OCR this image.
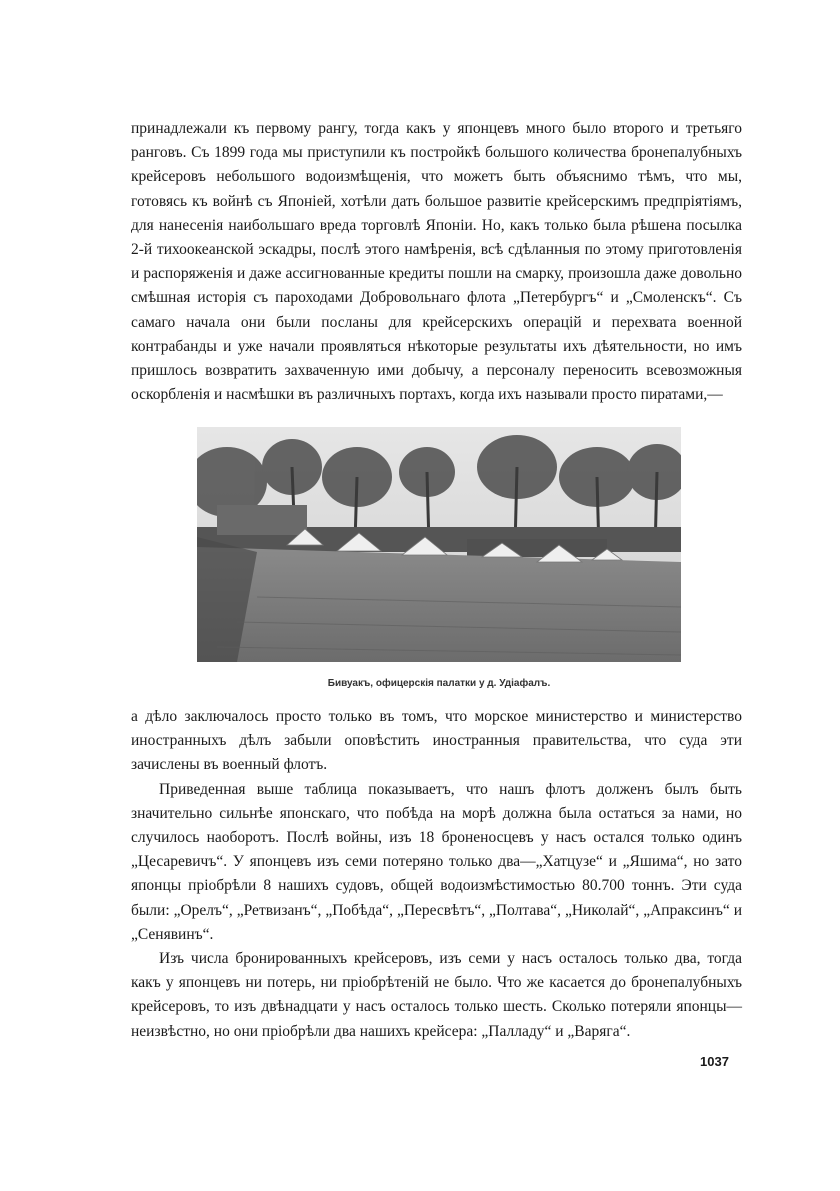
принадлежали къ первому рангу, тогда какъ у японцевъ много было второго и третьяго ранговъ. Съ 1899 года мы приступили къ постройкѣ большого количества бронепалубныхъ крейсеровъ небольшого водоизмѣщенія, что можетъ быть объяснимо тѣмъ, что мы, готовясь къ войнѣ съ Японіей, хотѣли дать большое развитіе крейсерскимъ предпріятіямъ, для нанесенія наибольшаго вреда торговлѣ Японіи. Но, какъ только была рѣшена посылка 2-й тихоокеанской эскадры, послѣ этого намѣренія, всѣ сдѣланныя по этому приготовленія и распоряженія и даже ассигнованные кредиты пошли на смарку, произошла даже довольно смѣшная исторія съ пароходами Добровольнаго флота „Петербургъ“ и „Смоленскъ“. Съ самаго начала они были посланы для крейсерскихъ операцій и перехвата военной контрабанды и уже начали проявляться нѣкоторые результаты ихъ дѣятельности, но имъ пришлось возвратить захваченную ими добычу, а персоналу переносить всевозможныя оскорбленія и насмѣшки въ различныхъ портахъ, когда ихъ называли просто пиратами,—

Бивуакъ, офицерскія палатки у д. Удіафалъ.

а дѣло заключалось просто только въ томъ, что морское министерство и министерство иностранныхъ дѣлъ забыли оповѣстить иностранныя правительства, что суда эти зачислены въ военный флотъ.

Приведенная выше таблица показываетъ, что нашъ флотъ долженъ былъ быть значительно сильнѣе японскаго, что побѣда на морѣ должна была остаться за нами, но случилось наоборотъ. Послѣ войны, изъ 18 броненосцевъ у насъ остался только одинъ „Цесаревичъ“. У японцевъ изъ семи потеряно только два—„Хатцузе“ и „Яшима“, но зато японцы пріобрѣли 8 нашихъ судовъ, общей водоизмѣстимостью 80.700 тоннъ. Эти суда были: „Орелъ“, „Ретвизанъ“, „Побѣда“, „Пересвѣтъ“, „Полтава“, „Николай“, „Апраксинъ“ и „Сенявинъ“.

Изъ числа бронированныхъ крейсеровъ, изъ семи у насъ осталось только два, тогда какъ у японцевъ ни потерь, ни пріобрѣтеній не было. Что же касается до бронепалубныхъ крейсеровъ, то изъ двѣнадцати у насъ осталось только шесть. Сколько потеряли японцы—неизвѣстно, но они пріобрѣли два нашихъ крейсера: „Палладу“ и „Варяга“.

1037
